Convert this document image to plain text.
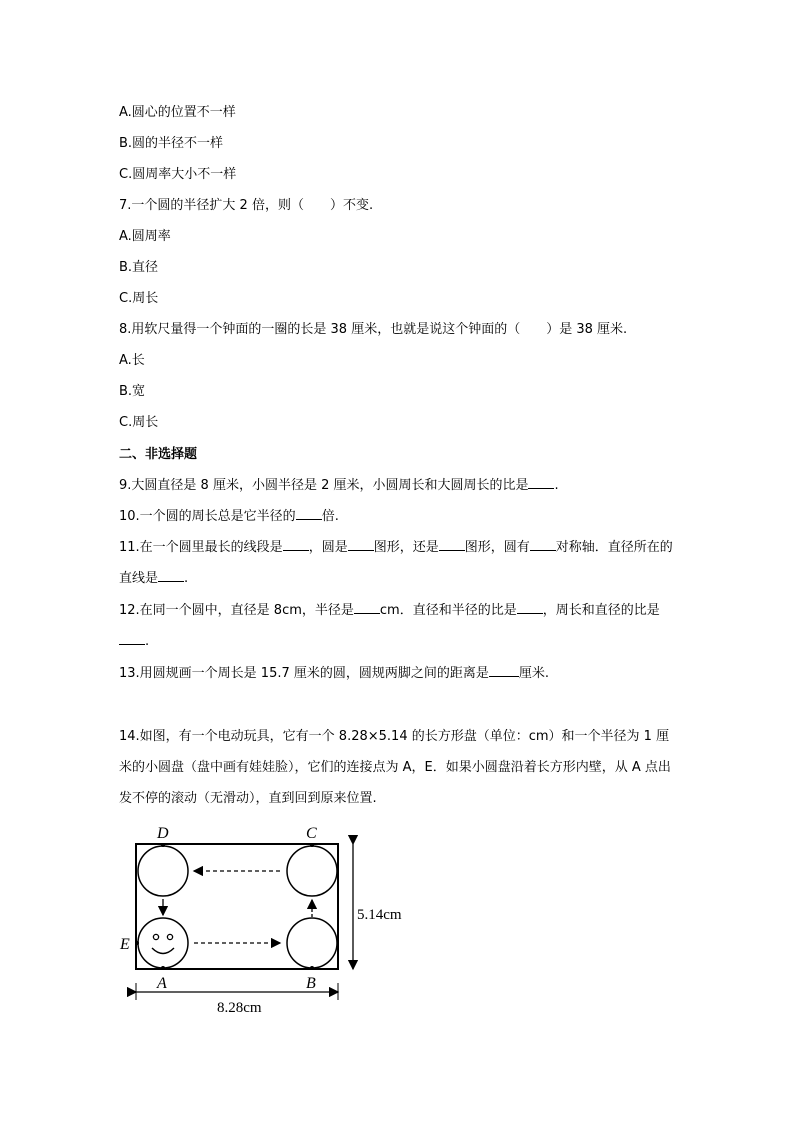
A.圆心的位置不一样
B.圆的半径不一样
C.圆周率大小不一样
7.一个圆的半径扩大 2 倍，则（　　）不变.
A.圆周率
B.直径
C.周长
8.用软尺量得一个钟面的一圈的长是 38 厘米，也就是说这个钟面的（　　）是 38 厘米.
A.长
B.宽
C.周长
二、非选择题
9.大圆直径是 8 厘米，小圆半径是 2 厘米，小圆周长和大圆周长的比是 .
10.一个圆的周长总是它半径的 倍.
11.在一个圆里最长的线段是 ，圆是 图形，还是 图形，圆有 对称轴．直径所在的直线是 .
12.在同一个圆中，直径是 8cm，半径是 cm．直径和半径的比是 ，周长和直径的比是.
13.用圆规画一个周长是 15.7 厘米的圆，圆规两脚之间的距离是 厘米.
14.如图，有一个电动玩具，它有一个 8.28×5.14 的长方形盘（单位：cm）和一个半径为 1 厘米的小圆盘（盘中画有娃娃脸），它们的连接点为 A，E．如果小圆盘沿着长方形内壁，从 A 点出发不停的滚动（无滑动），直到回到原来位置.
D	C
E
A	B
5.14cm
8.28cm
